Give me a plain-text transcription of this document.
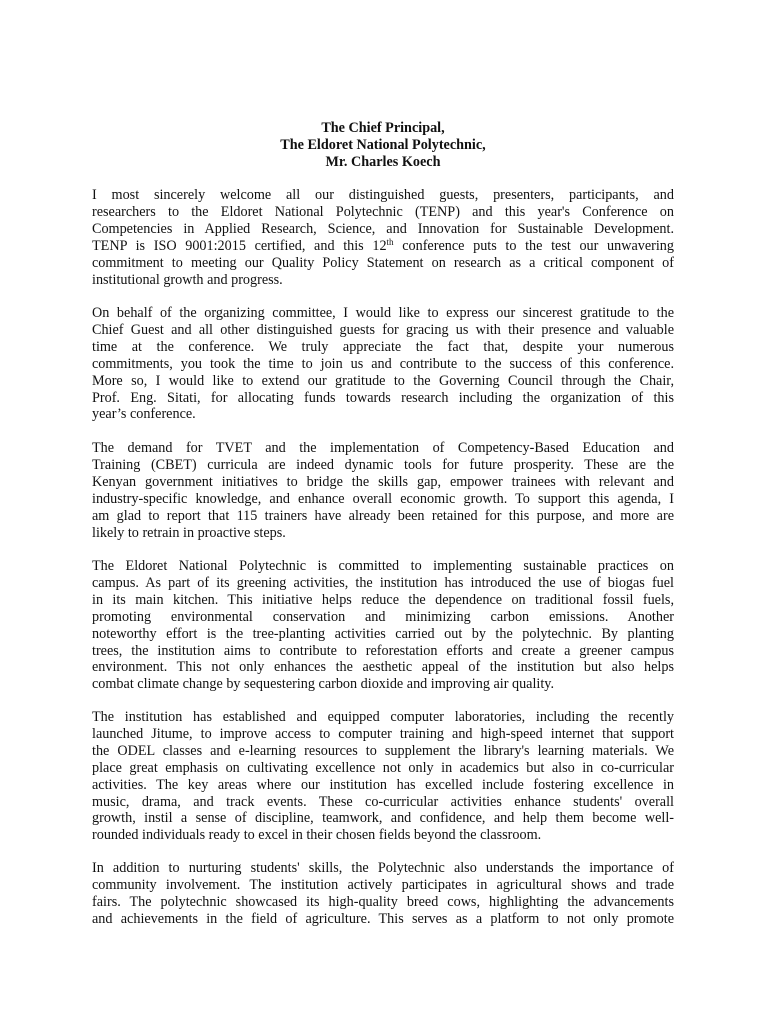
The Chief Principal,
The Eldoret National Polytechnic,
Mr. Charles Koech
I most sincerely welcome all our distinguished guests, presenters, participants, and
researchers to the Eldoret National Polytechnic (TENP) and this year's Conference on
Competencies in Applied Research, Science, and Innovation for Sustainable Development.
TENP is ISO 9001:2015 certified, and this 12th conference puts to the test our unwavering
commitment to meeting our Quality Policy Statement on research as a critical component of
institutional growth and progress.
On behalf of the organizing committee, I would like to express our sincerest gratitude to the
Chief Guest and all other distinguished guests for gracing us with their presence and valuable
time at the conference. We truly appreciate the fact that, despite your numerous
commitments, you took the time to join us and contribute to the success of this conference.
More so, I would like to extend our gratitude to the Governing Council through the Chair,
Prof. Eng. Sitati, for allocating funds towards research including the organization of this
year’s conference.
The demand for TVET and the implementation of Competency-Based Education and
Training (CBET) curricula are indeed dynamic tools for future prosperity. These are the
Kenyan government initiatives to bridge the skills gap, empower trainees with relevant and
industry-specific knowledge, and enhance overall economic growth. To support this agenda, I
am glad to report that 115 trainers have already been retained for this purpose, and more are
likely to retrain in proactive steps.
The Eldoret National Polytechnic is committed to implementing sustainable practices on
campus. As part of its greening activities, the institution has introduced the use of biogas fuel
in its main kitchen. This initiative helps reduce the dependence on traditional fossil fuels,
promoting environmental conservation and minimizing carbon emissions. Another
noteworthy effort is the tree-planting activities carried out by the polytechnic. By planting
trees, the institution aims to contribute to reforestation efforts and create a greener campus
environment. This not only enhances the aesthetic appeal of the institution but also helps
combat climate change by sequestering carbon dioxide and improving air quality.
The institution has established and equipped computer laboratories, including the recently
launched Jitume, to improve access to computer training and high-speed internet that support
the ODEL classes and e-learning resources to supplement the library's learning materials. We
place great emphasis on cultivating excellence not only in academics but also in co-curricular
activities. The key areas where our institution has excelled include fostering excellence in
music, drama, and track events. These co-curricular activities enhance students' overall
growth, instil a sense of discipline, teamwork, and confidence, and help them become well-
rounded individuals ready to excel in their chosen fields beyond the classroom.
In addition to nurturing students' skills, the Polytechnic also understands the importance of
community involvement. The institution actively participates in agricultural shows and trade
fairs. The polytechnic showcased its high-quality breed cows, highlighting the advancements
and achievements in the field of agriculture. This serves as a platform to not only promote
